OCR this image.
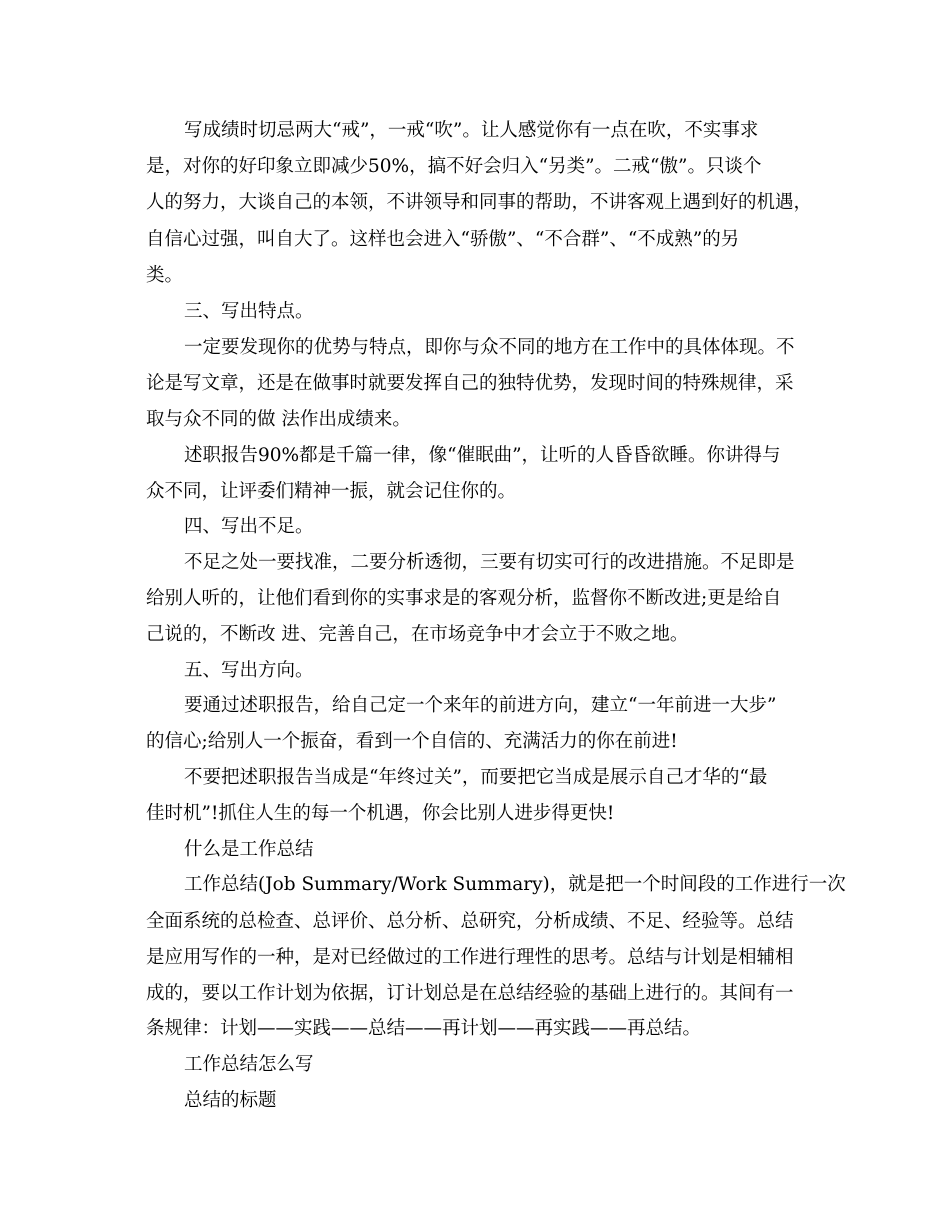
写成绩时切忌两大“戒”，一戒“吹”。让人感觉你有一点在吹，不实事求

是，对你的好印象立即减少50%，搞不好会归入“另类”。二戒“傲”。只谈个

人的努力，大谈自己的本领，不讲领导和同事的帮助，不讲客观上遇到好的机遇，

自信心过强，叫自大了。这样也会进入“骄傲”、“不合群”、“不成熟”的另

类。

三、写出特点。

一定要发现你的优势与特点，即你与众不同的地方在工作中的具体体现。不

论是写文章，还是在做事时就要发挥自己的独特优势，发现时间的特殊规律，采

取与众不同的做 法作出成绩来。

述职报告90%都是千篇一律，像“催眠曲”，让听的人昏昏欲睡。你讲得与

众不同，让评委们精神一振，就会记住你的。

四、写出不足。

不足之处一要找准，二要分析透彻，三要有切实可行的改进措施。不足即是

给别人听的，让他们看到你的实事求是的客观分析，监督你不断改进;更是给自

己说的，不断改 进、完善自己，在市场竞争中才会立于不败之地。

五、写出方向。

要通过述职报告，给自己定一个来年的前进方向，建立“一年前进一大步”

的信心;给别人一个振奋，看到一个自信的、充满活力的你在前进!

不要把述职报告当成是“年终过关”，而要把它当成是展示自己才华的“最

佳时机”!抓住人生的每一个机遇，你会比别人进步得更快!

什么是工作总结

工作总结(Job Summary/Work Summary)，就是把一个时间段的工作进行一次

全面系统的总检查、总评价、总分析、总研究，分析成绩、不足、经验等。总结

是应用写作的一种，是对已经做过的工作进行理性的思考。总结与计划是相辅相

成的，要以工作计划为依据，订计划总是在总结经验的基础上进行的。其间有一

条规律：计划——实践——总结——再计划——再实践——再总结。

工作总结怎么写

总结的标题
